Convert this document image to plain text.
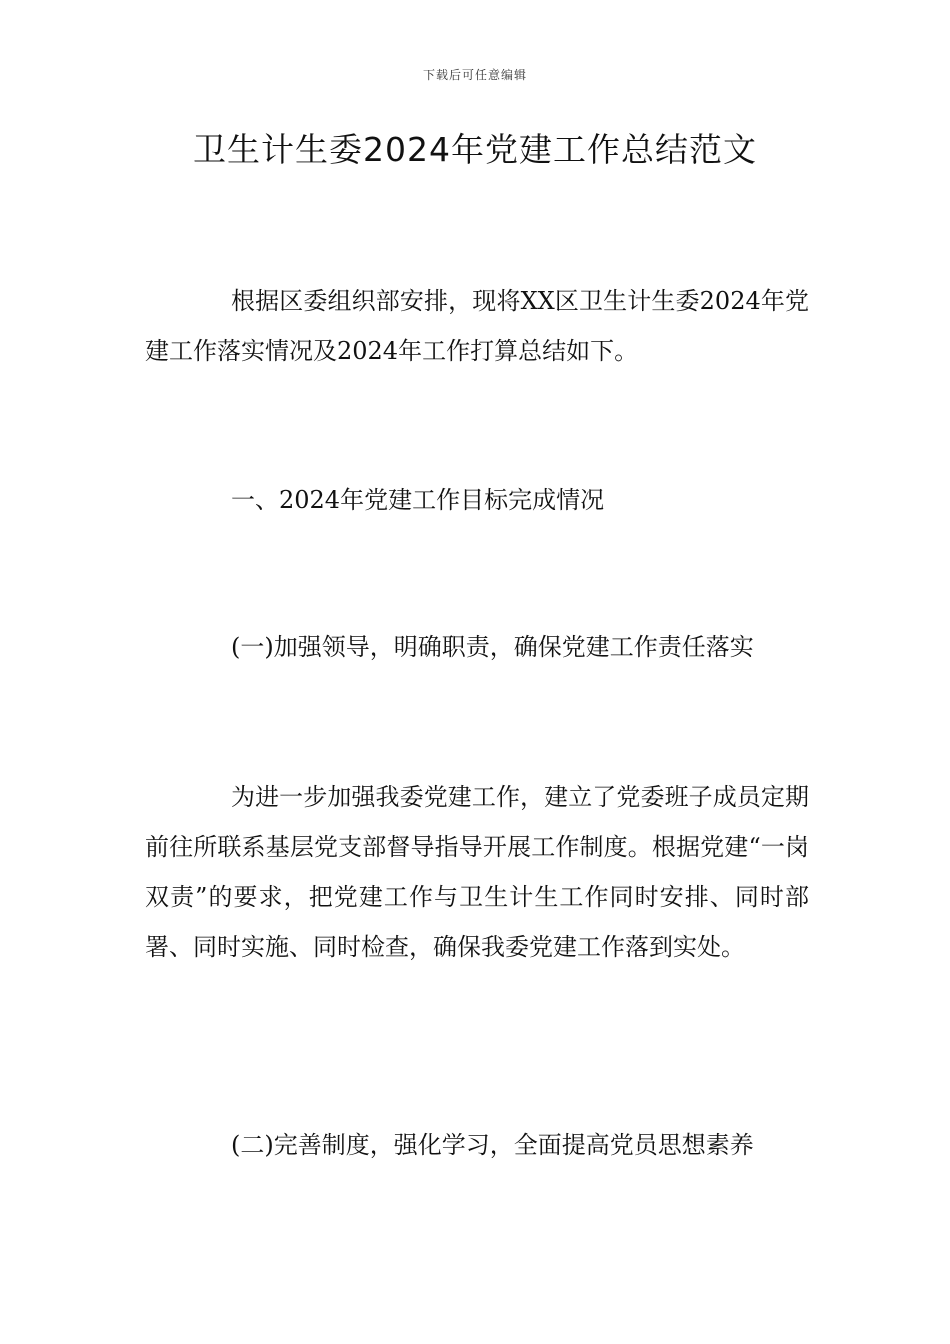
下载后可任意编辑
卫生计生委2024年党建工作总结范文

根据区委组织部安排，现将XX区卫生计生委2024年党建工作落实情况及2024年工作打算总结如下。

一、2024年党建工作目标完成情况

(一)加强领导，明确职责，确保党建工作责任落实

为进一步加强我委党建工作，建立了党委班子成员定期前往所联系基层党支部督导指导开展工作制度。根据党建“一岗双责”的要求，把党建工作与卫生计生工作同时安排、同时部署、同时实施、同时检查，确保我委党建工作落到实处。

(二)完善制度，强化学习，全面提高党员思想素养
